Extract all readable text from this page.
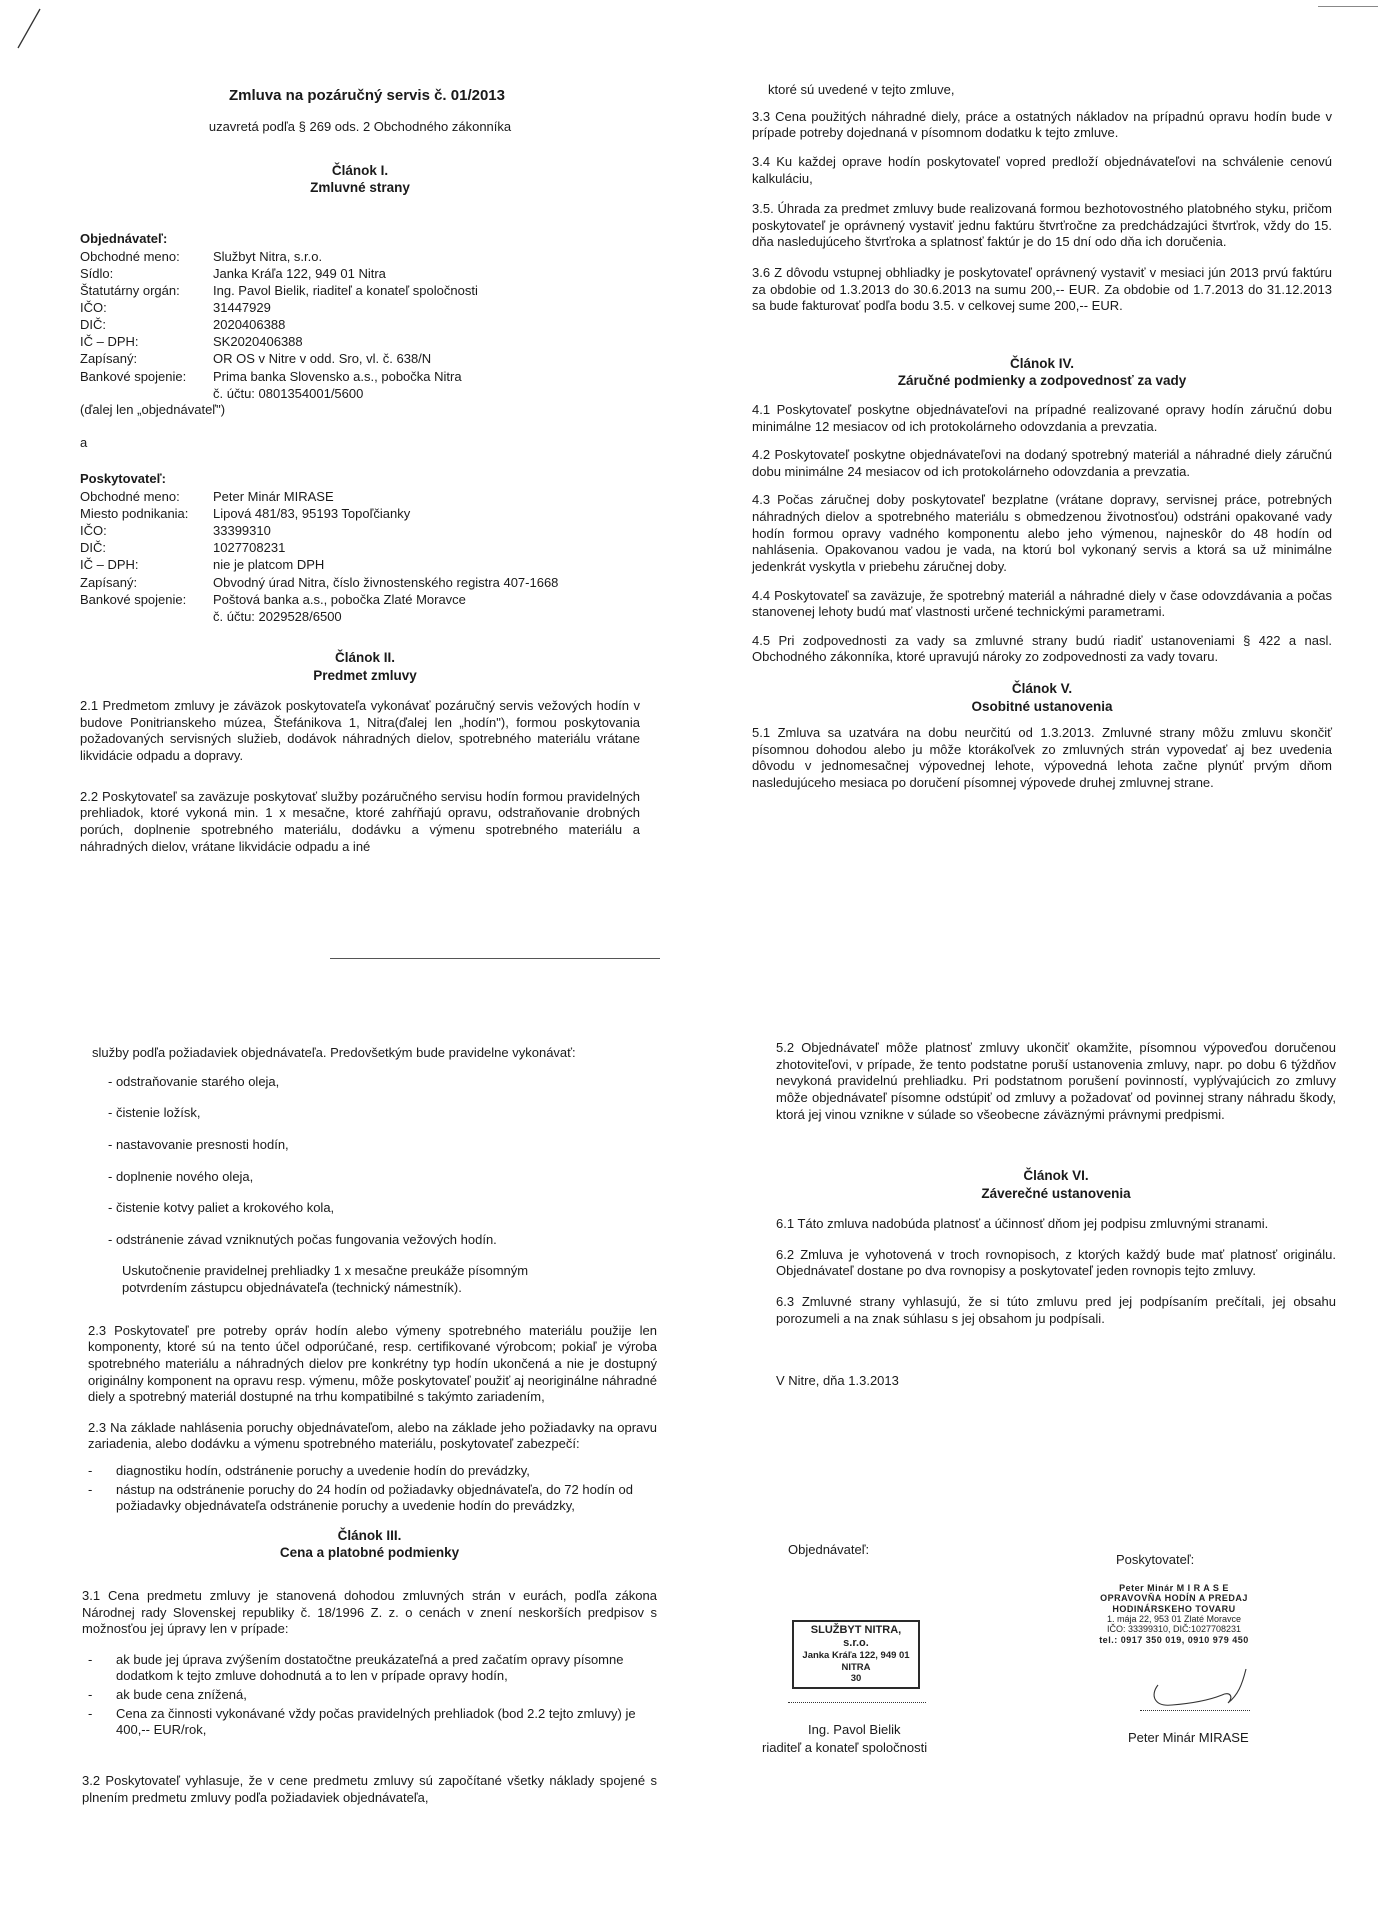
Zmluva na pozáručný servis č. 01/2013
uzavretá podľa § 269 ods. 2 Obchodného zákonníka
Článok I.
Zmluvné strany
Objednávateľ:
Obchodné meno:	Službyt Nitra, s.r.o.
Sídlo:	Janka Kráľa 122, 949 01 Nitra
Štatutárny orgán:	Ing. Pavol Bielik, riaditeľ a konateľ spoločnosti
IČO:	31447929
DIČ:	2020406388
IČ – DPH:	SK2020406388
Zapísaný:	OR OS v Nitre v odd. Sro, vl. č. 638/N
Bankové spojenie:	Prima banka Slovensko a.s., pobočka Nitra
	č. účtu: 0801354001/5600
(ďalej len „objednávateľ")
a
Poskytovateľ:
Obchodné meno:	Peter Minár MIRASE
Miesto podnikania:	Lipová 481/83, 95193 Topoľčianky
IČO:	33399310
DIČ:	1027708231
IČ – DPH:	nie je platcom DPH
Zapísaný:	Obvodný úrad Nitra, číslo živnostenského registra 407-1668
Bankové spojenie:	Poštová banka a.s., pobočka Zlaté Moravce
	č. účtu: 2029528/6500
Článok II.
Predmet zmluvy
2.1 Predmetom zmluvy je záväzok poskytovateľa vykonávať pozáručný servis vežových hodín v budove Ponitrianskeho múzea, Štefánikova 1, Nitra(ďalej len „hodín"), formou poskytovania požadovaných servisných služieb, dodávok náhradných dielov, spotrebného materiálu vrátane likvidácie odpadu a dopravy.
2.2 Poskytovateľ sa zaväzuje poskytovať služby pozáručného servisu hodín formou pravidelných prehliadok, ktoré vykoná min. 1 x mesačne, ktoré zahŕňajú opravu, odstraňovanie drobných porúch, doplnenie spotrebného materiálu, dodávku a výmenu spotrebného materiálu a náhradných dielov, vrátane likvidácie odpadu a iné
ktoré sú uvedené v tejto zmluve,
3.3 Cena použitých náhradné diely, práce a ostatných nákladov na prípadnú opravu hodín bude v prípade potreby dojednaná v písomnom dodatku k tejto zmluve.
3.4 Ku každej oprave hodín poskytovateľ vopred predloží objednávateľovi na schválenie cenovú kalkuláciu,
3.5. Úhrada za predmet zmluvy bude realizovaná formou bezhotovostného platobného styku, pričom poskytovateľ je oprávnený vystaviť jednu faktúru štvrťročne za predchádzajúci štvrťrok, vždy do 15. dňa nasledujúceho štvrťroka a splatnosť faktúr je do 15 dní odo dňa ich doručenia.
3.6 Z dôvodu vstupnej obhliadky je poskytovateľ oprávnený vystaviť v mesiaci jún 2013 prvú faktúru za obdobie od 1.3.2013 do 30.6.2013 na sumu 200,-- EUR. Za obdobie od 1.7.2013 do 31.12.2013 sa bude fakturovať podľa bodu 3.5. v celkovej sume 200,-- EUR.
Článok IV.
Záručné podmienky a zodpovednosť za vady
4.1 Poskytovateľ poskytne objednávateľovi na prípadné realizované opravy hodín záručnú dobu minimálne 12 mesiacov od ich protokolárneho odovzdania a prevzatia.
4.2 Poskytovateľ poskytne objednávateľovi na dodaný spotrebný materiál a náhradné diely záručnú dobu minimálne 24 mesiacov od ich protokolárneho odovzdania a prevzatia.
4.3 Počas záručnej doby poskytovateľ bezplatne (vrátane dopravy, servisnej práce, potrebných náhradných dielov a spotrebného materiálu s obmedzenou životnosťou) odstráni opakované vady hodín formou opravy vadného komponentu alebo jeho výmenou, najneskôr do 48 hodín od nahlásenia. Opakovanou vadou je vada, na ktorú bol vykonaný servis a ktorá sa už minimálne jedenkrát vyskytla v priebehu záručnej doby.
4.4 Poskytovateľ sa zaväzuje, že spotrebný materiál a náhradné diely v čase odovzdávania a počas stanovenej lehoty budú mať vlastnosti určené technickými parametrami.
4.5 Pri zodpovednosti za vady sa zmluvné strany budú riadiť ustanoveniami § 422 a nasl. Obchodného zákonníka, ktoré upravujú nároky zo zodpovednosti za vady tovaru.
Článok V.
Osobitné ustanovenia
5.1 Zmluva sa uzatvára na dobu neurčitú od 1.3.2013. Zmluvné strany môžu zmluvu skončiť písomnou dohodou alebo ju môže ktorákoľvek zo zmluvných strán vypovedať aj bez uvedenia dôvodu v jednomesačnej výpovednej lehote, výpovedná lehota začne plynúť prvým dňom nasledujúceho mesiaca po doručení písomnej výpovede druhej zmluvnej strane.
služby podľa požiadaviek objednávateľa. Predovšetkým bude pravidelne vykonávať:
- odstraňovanie starého oleja,
- čistenie ložísk,
- nastavovanie presnosti hodín,
- doplnenie nového oleja,
- čistenie kotvy paliet a krokového kola,
- odstránenie závad vzniknutých počas fungovania vežových hodín.
Uskutočnenie pravidelnej prehliadky 1 x mesačne preukáže písomným potvrdením zástupcu objednávateľa (technický námestník).
2.3 Poskytovateľ pre potreby opráv hodín alebo výmeny spotrebného materiálu použije len komponenty, ktoré sú na tento účel odporúčané, resp. certifikované výrobcom; pokiaľ je výroba spotrebného materiálu a náhradných dielov pre konkrétny typ hodín ukončená a nie je dostupný originálny komponent na opravu resp. výmenu, môže poskytovateľ použiť aj neoriginálne náhradné diely a spotrebný materiál dostupné na trhu kompatibilné s takýmto zariadením,
2.3 Na základe nahlásenia poruchy objednávateľom, alebo na základe jeho požiadavky na opravu zariadenia, alebo dodávku a výmenu spotrebného materiálu, poskytovateľ zabezpečí:
- diagnostiku hodín, odstránenie poruchy a uvedenie hodín do prevádzky,
- nástup na odstránenie poruchy do 24 hodín od požiadavky objednávateľa, do 72 hodín od požiadavky objednávateľa odstránenie poruchy a uvedenie hodín do prevádzky,
Článok III.
Cena a platobné podmienky
3.1 Cena predmetu zmluvy je stanovená dohodou zmluvných strán v eurách, podľa zákona Národnej rady Slovenskej republiky č. 18/1996 Z. z. o cenách v znení neskorších predpisov s možnosťou jej úpravy len v prípade:
- ak bude jej úprava zvýšením dostatočtne preukázateľná a pred začatím opravy písomne dodatkom k tejto zmluve dohodnutá a to len v prípade opravy hodín,
- ak bude cena znížená,
- Cena za činnosti vykonávané vždy počas pravidelných prehliadok (bod 2.2 tejto zmluvy) je 400,-- EUR/rok,
3.2 Poskytovateľ vyhlasuje, že v cene predmetu zmluvy sú započítané všetky náklady spojené s plnením predmetu zmluvy podľa požiadaviek objednávateľa,
5.2 Objednávateľ môže platnosť zmluvy ukončiť okamžite, písomnou výpoveďou doručenou zhotoviteľovi, v prípade, že tento podstatne poruší ustanovenia zmluvy, napr. po dobu 6 týždňov nevykoná pravidelnú prehliadku. Pri podstatnom porušení povinností, vyplývajúcich zo zmluvy môže objednávateľ písomne odstúpiť od zmluvy a požadovať od povinnej strany náhradu škody, ktorá jej vinou vznikne v súlade so všeobecne záväznými právnymi predpismi.
Článok VI.
Záverečné ustanovenia
6.1 Táto zmluva nadobúda platnosť a účinnosť dňom jej podpisu zmluvnými stranami.
6.2 Zmluva je vyhotovená v troch rovnopisoch, z ktorých každý bude mať platnosť originálu. Objednávateľ dostane po dva rovnopisy a poskytovateľ jeden rovnopis tejto zmluvy.
6.3 Zmluvné strany vyhlasujú, že si túto zmluvu pred jej podpísaním prečítali, jej obsahu porozumeli a na znak súhlasu s jej obsahom ju podpísali.
V Nitre, dňa 1.3.2013
Objednávateľ:
Poskytovateľ:
SLUŽBYT NITRA, s.r.o.
Janka Kráľa 122, 949 01 NITRA
30
Peter Minár M I R A S E
OPRAVOVŇA HODÍN A PREDAJ
HODINÁRSKEHO TOVARU
1. mája 22, 953 01 Zlaté Moravce
IČO: 33399310, DIČ:1027708231
tel.: 0917 350 019, 0910 979 450
Ing. Pavol Bielik
riaditeľ a konateľ spoločnosti
Peter Minár MIRASE
